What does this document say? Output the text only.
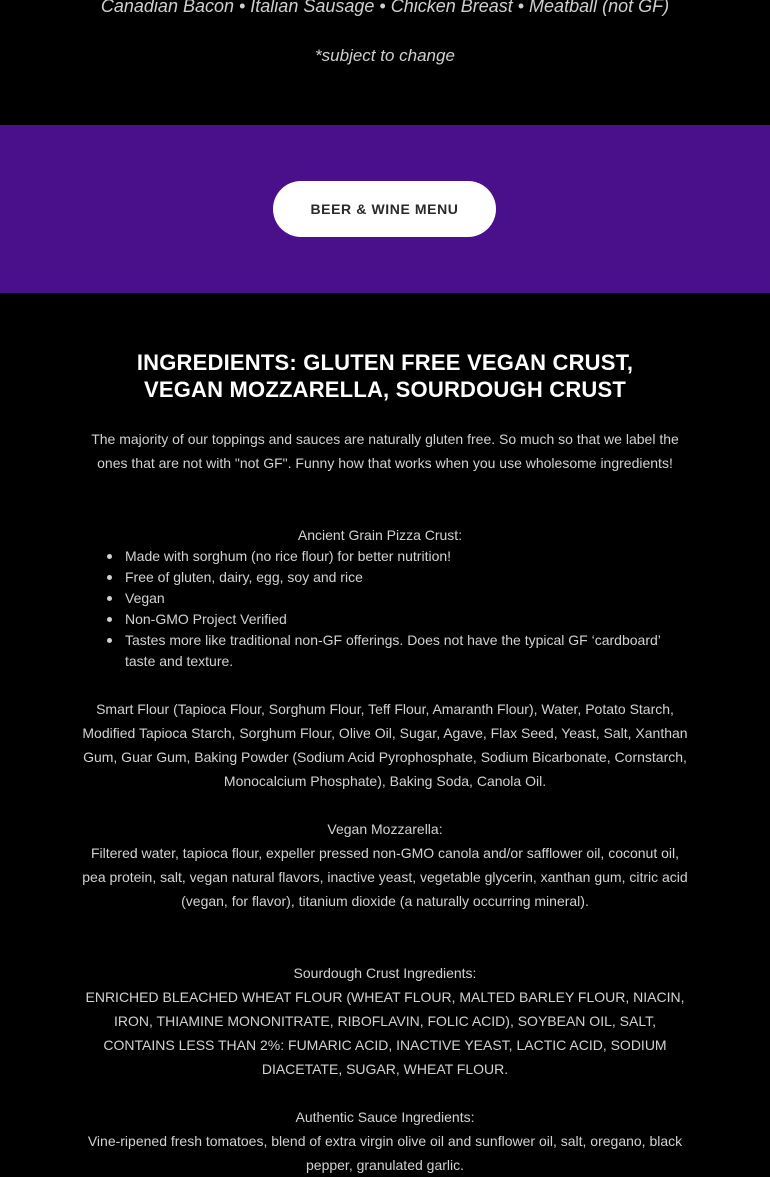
Canadian Bacon • Italian Sausage • Chicken Breast • Meatball (not GF)
*subject to change
BEER & WINE MENU
INGREDIENTS: GLUTEN FREE VEGAN CRUST, VEGAN MOZZARELLA, SOURDOUGH CRUST

The majority of our toppings and sauces are naturally gluten free. So much so that we label the ones that are not with "not GF". Funny how that works when you use wholesome ingredients!

Ancient Grain Pizza Crust:
Made with sorghum (no rice flour) for better nutrition!
Free of gluten, dairy, egg, soy and rice
Vegan
Non-GMO Project Verified
Tastes more like traditional non-GF offerings. Does not have the typical GF ‘cardboard’ taste and texture.

Smart Flour (Tapioca Flour, Sorghum Flour, Teff Flour, Amaranth Flour), Water, Potato Starch, Modified Tapioca Starch, Sorghum Flour, Olive Oil, Sugar, Agave, Flax Seed, Yeast, Salt, Xanthan Gum, Guar Gum, Baking Powder (Sodium Acid Pyrophosphate, Sodium Bicarbonate, Cornstarch, Monocalcium Phosphate), Baking Soda, Canola Oil.

Vegan Mozzarella:

Filtered water, tapioca flour, expeller pressed non-GMO canola and/or safflower oil, coconut oil, pea protein, salt, vegan natural flavors, inactive yeast, vegetable glycerin, xanthan gum, citric acid (vegan, for flavor), titanium dioxide (a naturally occurring mineral).

Sourdough Crust Ingredients:

ENRICHED BLEACHED WHEAT FLOUR (WHEAT FLOUR, MALTED BARLEY FLOUR, NIACIN, IRON, THIAMINE MONONITRATE, RIBOFLAVIN, FOLIC ACID), SOYBEAN OIL, SALT, CONTAINS LESS THAN 2%: FUMARIC ACID, INACTIVE YEAST, LACTIC ACID, SODIUM DIACETATE, SUGAR, WHEAT FLOUR.

Authentic Sauce Ingredients:

Vine-ripened fresh tomatoes, blend of extra virgin olive oil and sunflower oil, salt, oregano, black pepper, granulated garlic.
